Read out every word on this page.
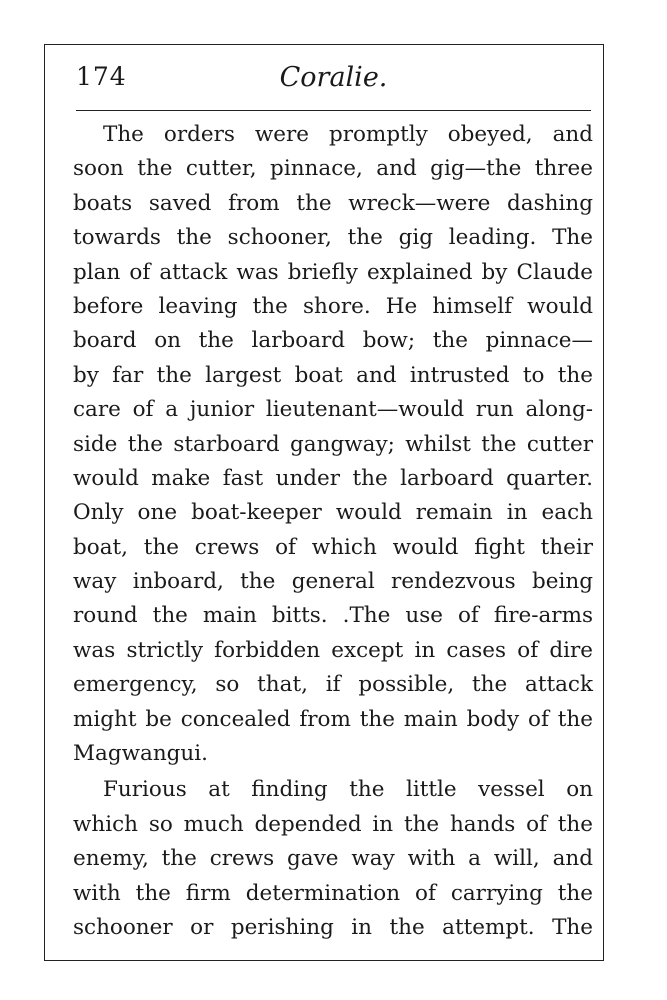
174	Coralie.
The orders were promptly obeyed, and
soon the cutter, pinnace, and gig—the three
boats saved from the wreck—were dashing
towards the schooner, the gig leading. The
plan of attack was briefly explained by Claude
before leaving the shore. He himself would
board on the larboard bow; the pinnace—
by far the largest boat and intrusted to the
care of a junior lieutenant—would run along-
side the starboard gangway; whilst the cutter
would make fast under the larboard quarter.
Only one boat-keeper would remain in each
boat, the crews of which would fight their
way inboard, the general rendezvous being
round the main bitts. .The use of fire-arms
was strictly forbidden except in cases of dire
emergency, so that, if possible, the attack
might be concealed from the main body of the
Magwangui.
Furious at finding the little vessel on
which so much depended in the hands of the
enemy, the crews gave way with a will, and
with the firm determination of carrying the
schooner or perishing in the attempt. The
